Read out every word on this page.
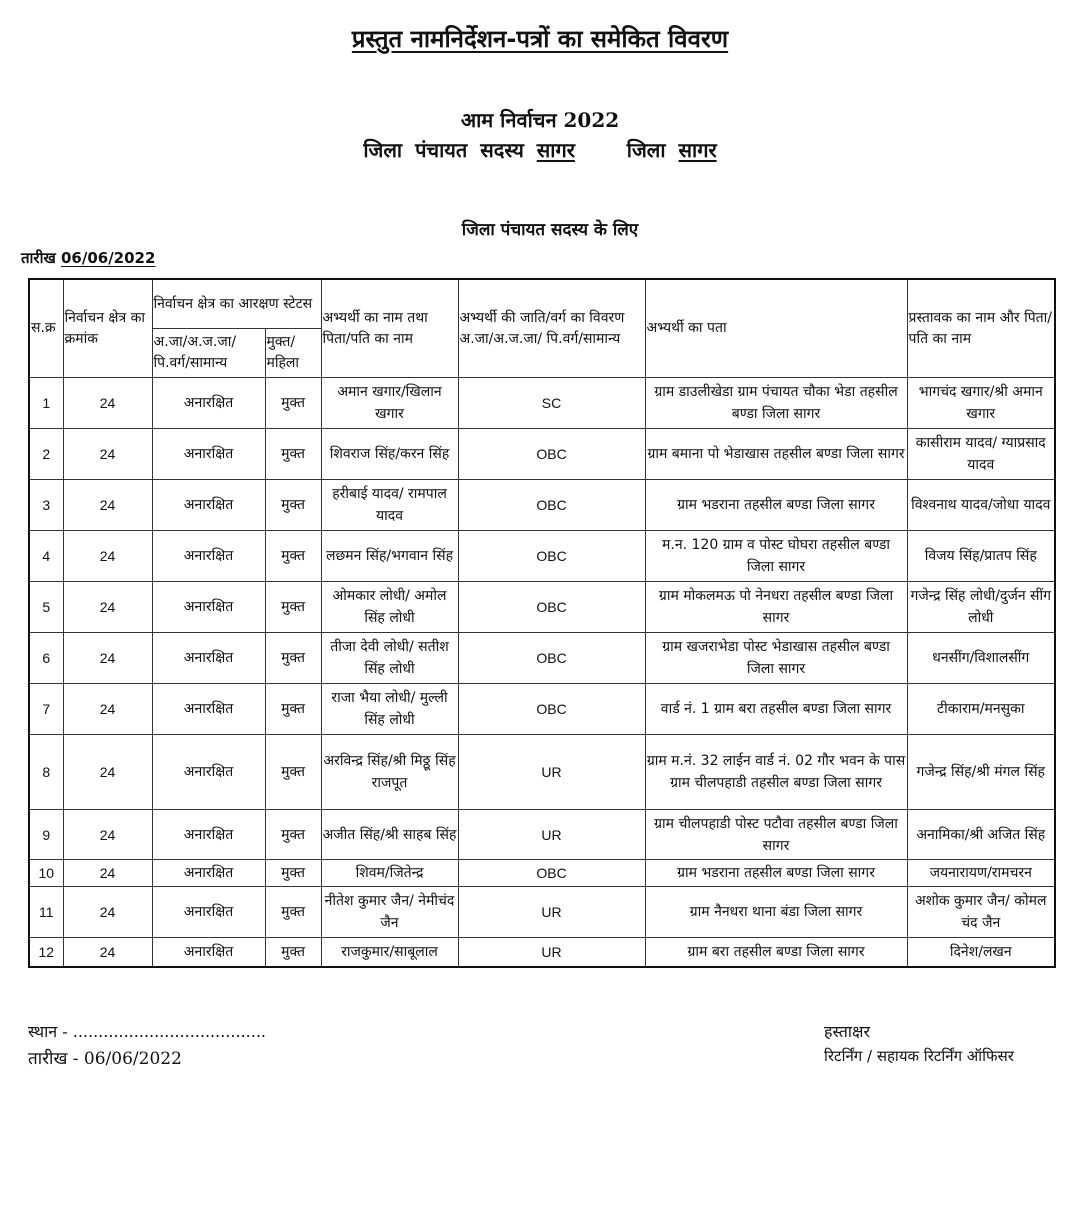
प्रस्तुत नामनिर्देशन-पत्रों का समेकित विवरण
आम निर्वाचन 2022
जिला पंचायत सदस्य सागर	जिला सागर
जिला पंचायत सदस्य के लिए
तारीख 06/06/2022
स.क्र	निर्वाचन क्षेत्र का क्रमांक	निर्वाचन क्षेत्र का आरक्षण स्टेटस		अभ्यर्थी का नाम तथा पिता/पति का नाम	अभ्यर्थी की जाति/वर्ग का विवरण अ.जा/अ.ज.जा/ पि.वर्ग/सामान्य	अभ्यर्थी का पता	प्रस्तावक का नाम और पिता/पति का नाम
		अ.जा/अ.ज.जा/ पि.वर्ग/सामान्य	मुक्त/ महिला				
1	24	अनारक्षित	मुक्त	अमान खगार/खिलान खगार	SC	ग्राम डाउलीखेडा ग्राम पंचायत चौका भेडा तहसील बण्डा जिला सागर	भागचंद खगार/श्री अमान खगार
2	24	अनारक्षित	मुक्त	शिवराज सिंह/करन सिंह	OBC	ग्राम बमाना पो भेडाखास तहसील बण्डा जिला सागर	कासीराम यादव/ ग्याप्रसाद यादव
3	24	अनारक्षित	मुक्त	हरीबाई यादव/ रामपाल यादव	OBC	ग्राम भडराना तहसील बण्डा जिला सागर	विश्वनाथ यादव/जोधा यादव
4	24	अनारक्षित	मुक्त	लछमन सिंह/भगवान सिंह	OBC	म.न. 120 ग्राम व पोस्ट घोघरा तहसील बण्डा जिला सागर	विजय सिंह/प्रातप सिंह
5	24	अनारक्षित	मुक्त	ओमकार लोधी/ अमोल सिंह लोधी	OBC	ग्राम मोकलमऊ पो नेनधरा तहसील बण्डा जिला सागर	गजेन्द्र सिंह लोधी/दुर्जन सींग लोधी
6	24	अनारक्षित	मुक्त	तीजा देवी लोधी/ सतीश सिंह लोधी	OBC	ग्राम खजराभेडा पोस्ट भेडाखास तहसील बण्डा जिला सागर	धनसींग/विशालसींग
7	24	अनारक्षित	मुक्त	राजा भैया लोधी/ मुल्ली सिंह लोधी	OBC	वार्ड नं. 1 ग्राम बरा तहसील बण्डा जिला सागर	टीकाराम/मनसुका
8	24	अनारक्षित	मुक्त	अरविन्द्र सिंह/श्री मिठ्ठू सिंह राजपूत	UR	ग्राम म.नं. 32 लाईन वार्ड नं. 02 गौर भवन के पास ग्राम चीलपहाडी तहसील बण्डा जिला सागर	गजेन्द्र सिंह/श्री मंगल सिंह
9	24	अनारक्षित	मुक्त	अजीत सिंह/श्री साहब सिंह	UR	ग्राम चीलपहाडी पोस्ट पटौवा तहसील बण्डा जिला सागर	अनामिका/श्री अजित सिंह
10	24	अनारक्षित	मुक्त	शिवम/जितेन्द्र	OBC	ग्राम भडराना तहसील बण्डा जिला सागर	जयनारायण/रामचरन
11	24	अनारक्षित	मुक्त	नीतेश कुमार जैन/ नेमीचंद जैन	UR	ग्राम नैनधरा थाना बंडा जिला सागर	अशोक कुमार जैन/ कोमल चंद जैन
12	24	अनारक्षित	मुक्त	राजकुमार/साबूलाल	UR	ग्राम बरा तहसील बण्डा जिला सागर	दिनेश/लखन
स्थान - ......................................
तारीख - 06/06/2022
हस्ताक्षर
रिटर्निंग / सहायक रिटर्निंग ऑफिसर
